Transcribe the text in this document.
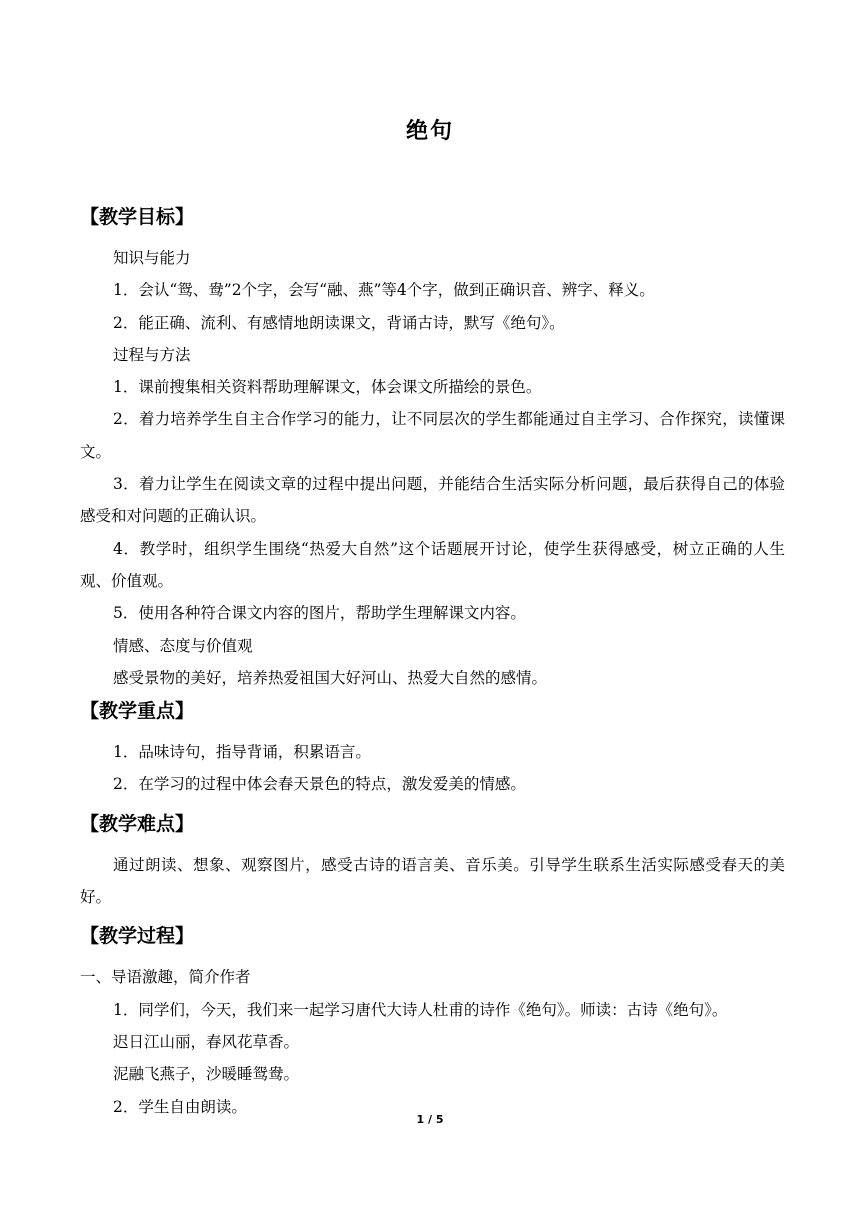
绝句
【教学目标】
知识与能力
1．会认“鸳、鸯”2个字，会写“融、燕”等4个字，做到正确识音、辨字、释义。
2．能正确、流利、有感情地朗读课文，背诵古诗，默写《绝句》。
过程与方法
1．课前搜集相关资料帮助理解课文，体会课文所描绘的景色。
2．着力培养学生自主合作学习的能力，让不同层次的学生都能通过自主学习、合作探究，读懂课文。
3．着力让学生在阅读文章的过程中提出问题，并能结合生活实际分析问题，最后获得自己的体验感受和对问题的正确认识。
4．教学时，组织学生围绕“热爱大自然”这个话题展开讨论，使学生获得感受，树立正确的人生观、价值观。
5．使用各种符合课文内容的图片，帮助学生理解课文内容。
情感、态度与价值观
感受景物的美好，培养热爱祖国大好河山、热爱大自然的感情。
【教学重点】
1．品味诗句，指导背诵，积累语言。
2．在学习的过程中体会春天景色的特点，激发爱美的情感。
【教学难点】
通过朗读、想象、观察图片，感受古诗的语言美、音乐美。引导学生联系生活实际感受春天的美好。
【教学过程】
一、导语激趣，简介作者
1．同学们，今天，我们来一起学习唐代大诗人杜甫的诗作《绝句》。师读：古诗《绝句》。
迟日江山丽，春风花草香。
泥融飞燕子，沙暖睡鸳鸯。
2．学生自由朗读。
1 / 5
